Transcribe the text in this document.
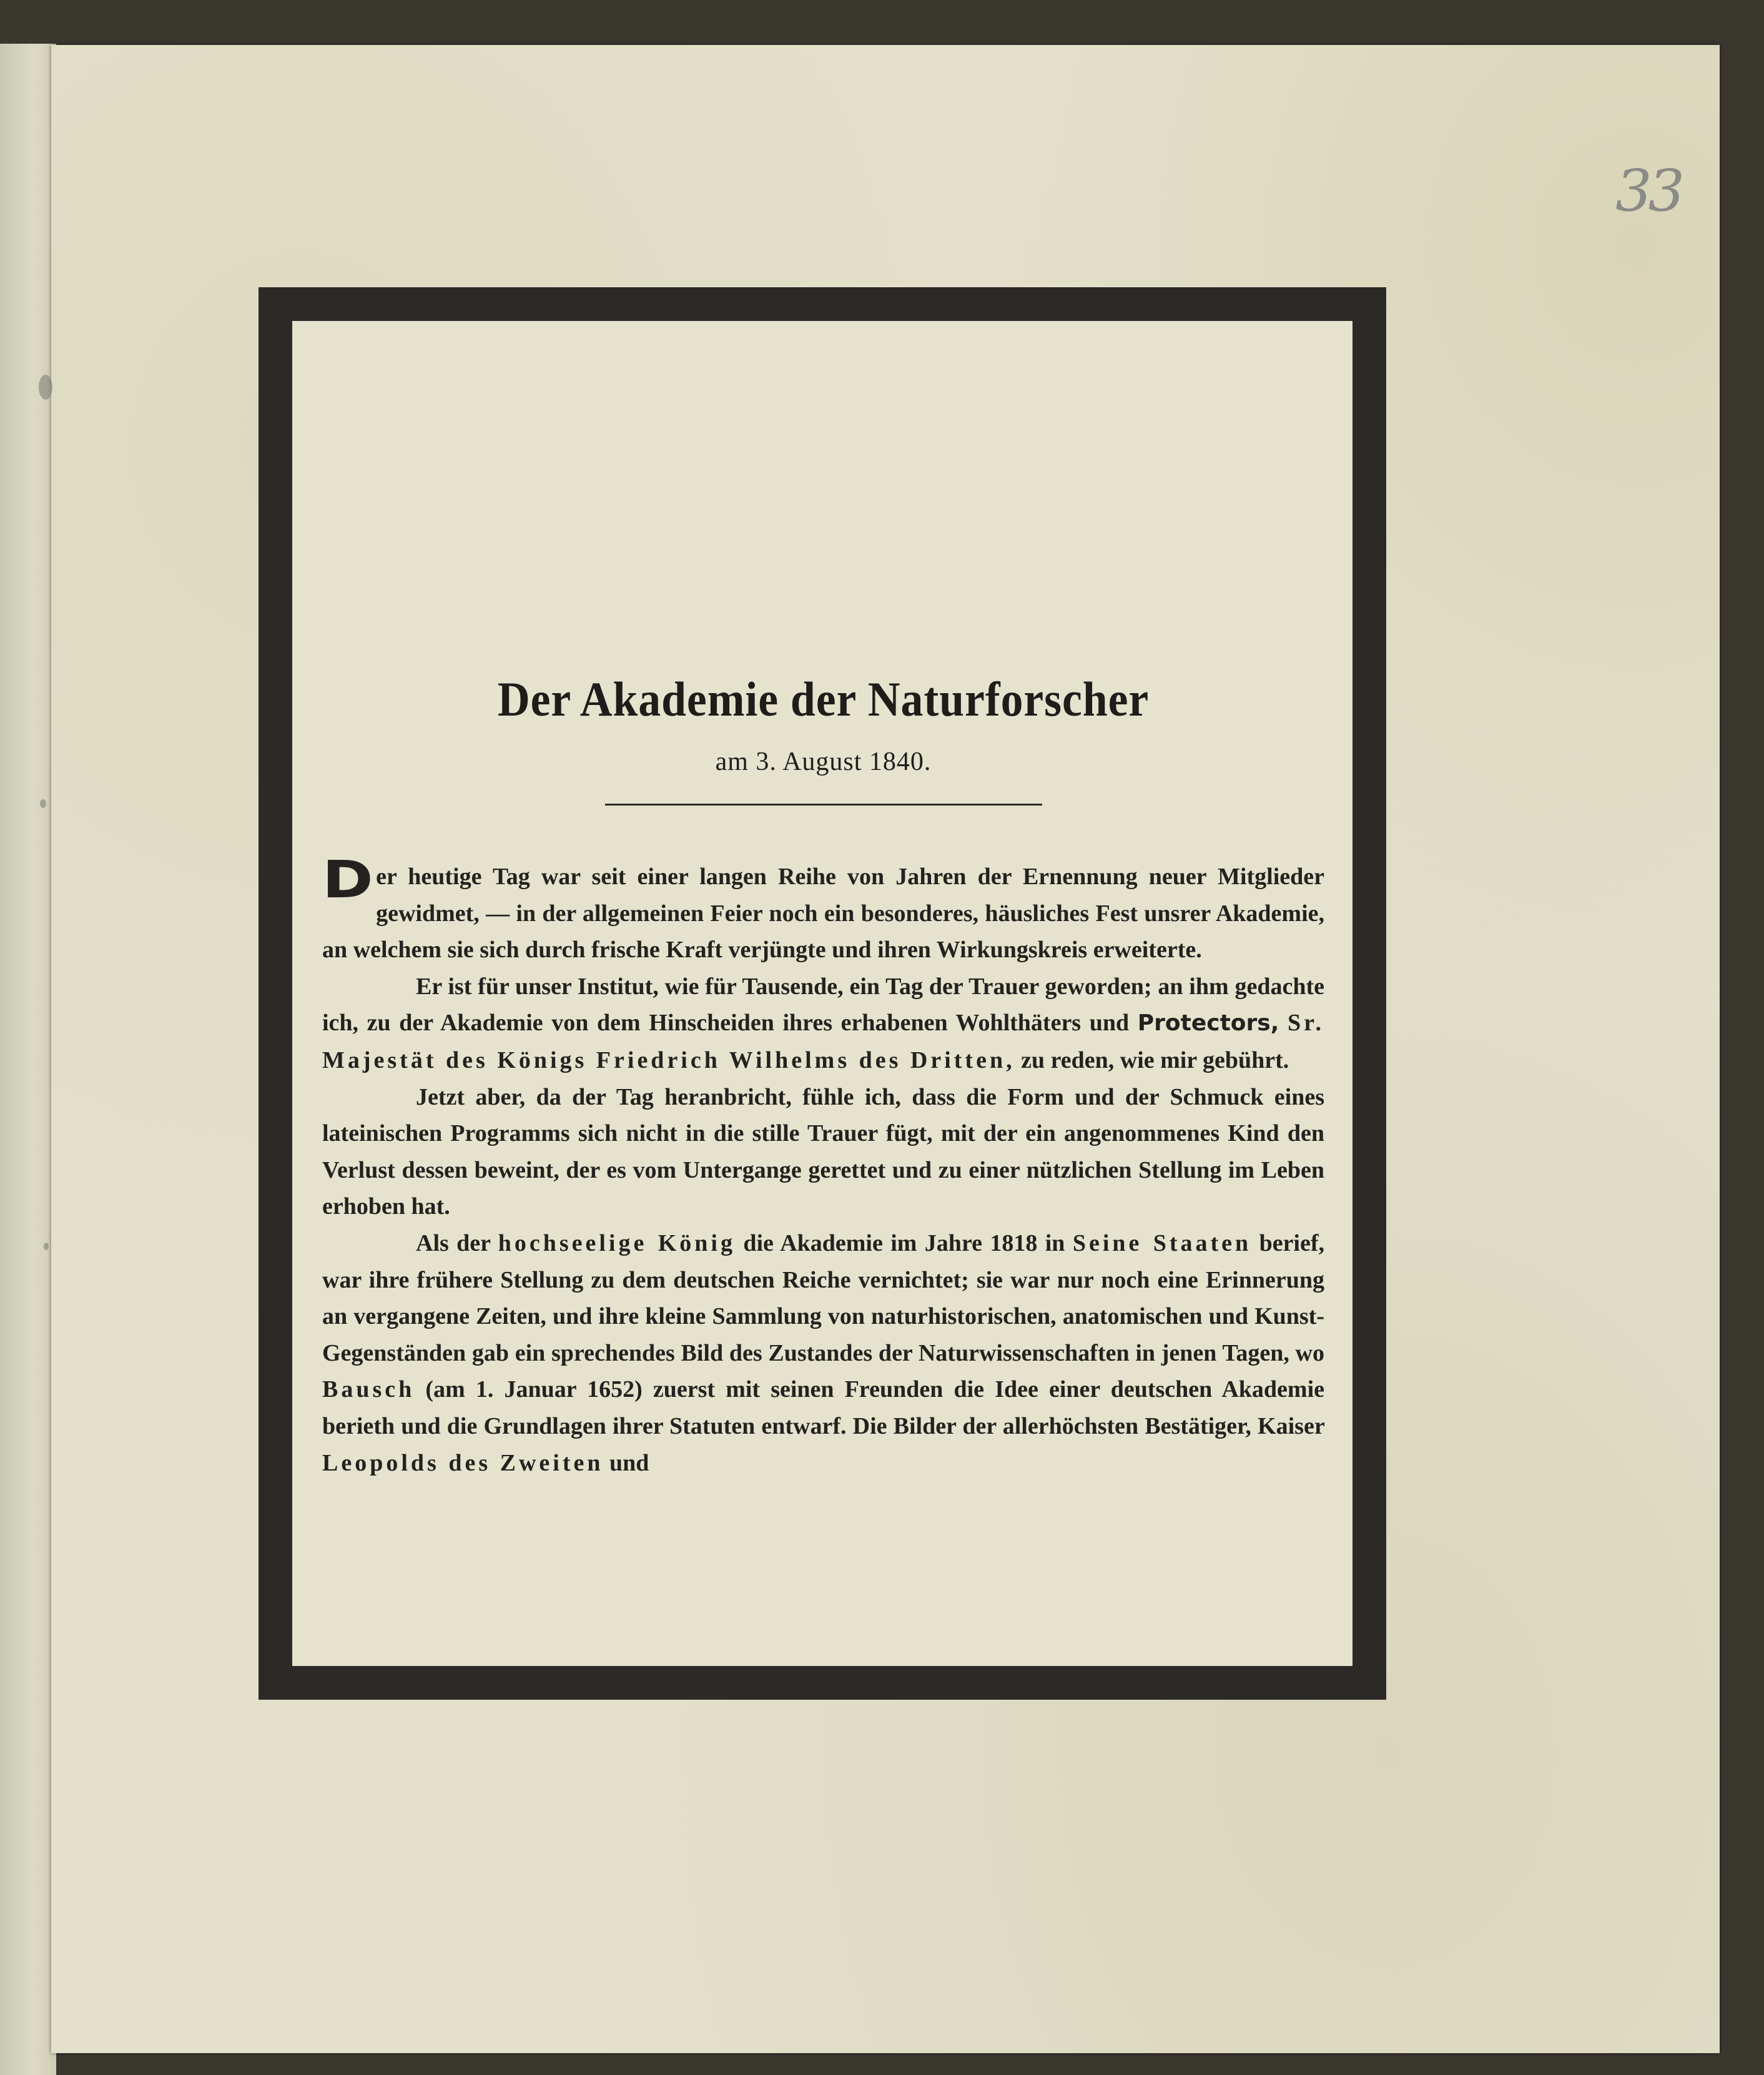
33
Der Akademie der Naturforscher
am 3. August 1840.

Der heutige Tag war seit einer langen Reihe von Jahren der Ernennung neuer Mitglieder gewidmet, — in der allgemeinen Feier noch ein besonderes, häusliches Fest unsrer Akademie, an welchem sie sich durch frische Kraft verjüngte und ihren Wirkungskreis erweiterte.

Er ist für unser Institut, wie für Tausende, ein Tag der Trauer geworden; an ihm gedachte ich, zu der Akademie von dem Hinscheiden ihres erhabenen Wohlthäters und Protectors, Sr. Majestät des Königs Friedrich Wilhelms des Dritten, zu reden, wie mir gebührt.

Jetzt aber, da der Tag heranbricht, fühle ich, dass die Form und der Schmuck eines lateinischen Programms sich nicht in die stille Trauer fügt, mit der ein angenommenes Kind den Verlust dessen beweint, der es vom Untergange gerettet und zu einer nützlichen Stellung im Leben erhoben hat.

Als der hochseelige König die Akademie im Jahre 1818 in Seine Staaten berief, war ihre frühere Stellung zu dem deutschen Reiche vernichtet; sie war nur noch eine Erinnerung an vergangene Zeiten, und ihre kleine Sammlung von naturhistorischen, anatomischen und Kunst-Gegenständen gab ein sprechendes Bild des Zustandes der Naturwissenschaften in jenen Tagen, wo Bausch (am 1. Januar 1652) zuerst mit seinen Freunden die Idee einer deutschen Akademie berieth und die Grundlagen ihrer Statuten entwarf. Die Bilder der allerhöchsten Bestätiger, Kaiser Leopolds des Zweiten und
